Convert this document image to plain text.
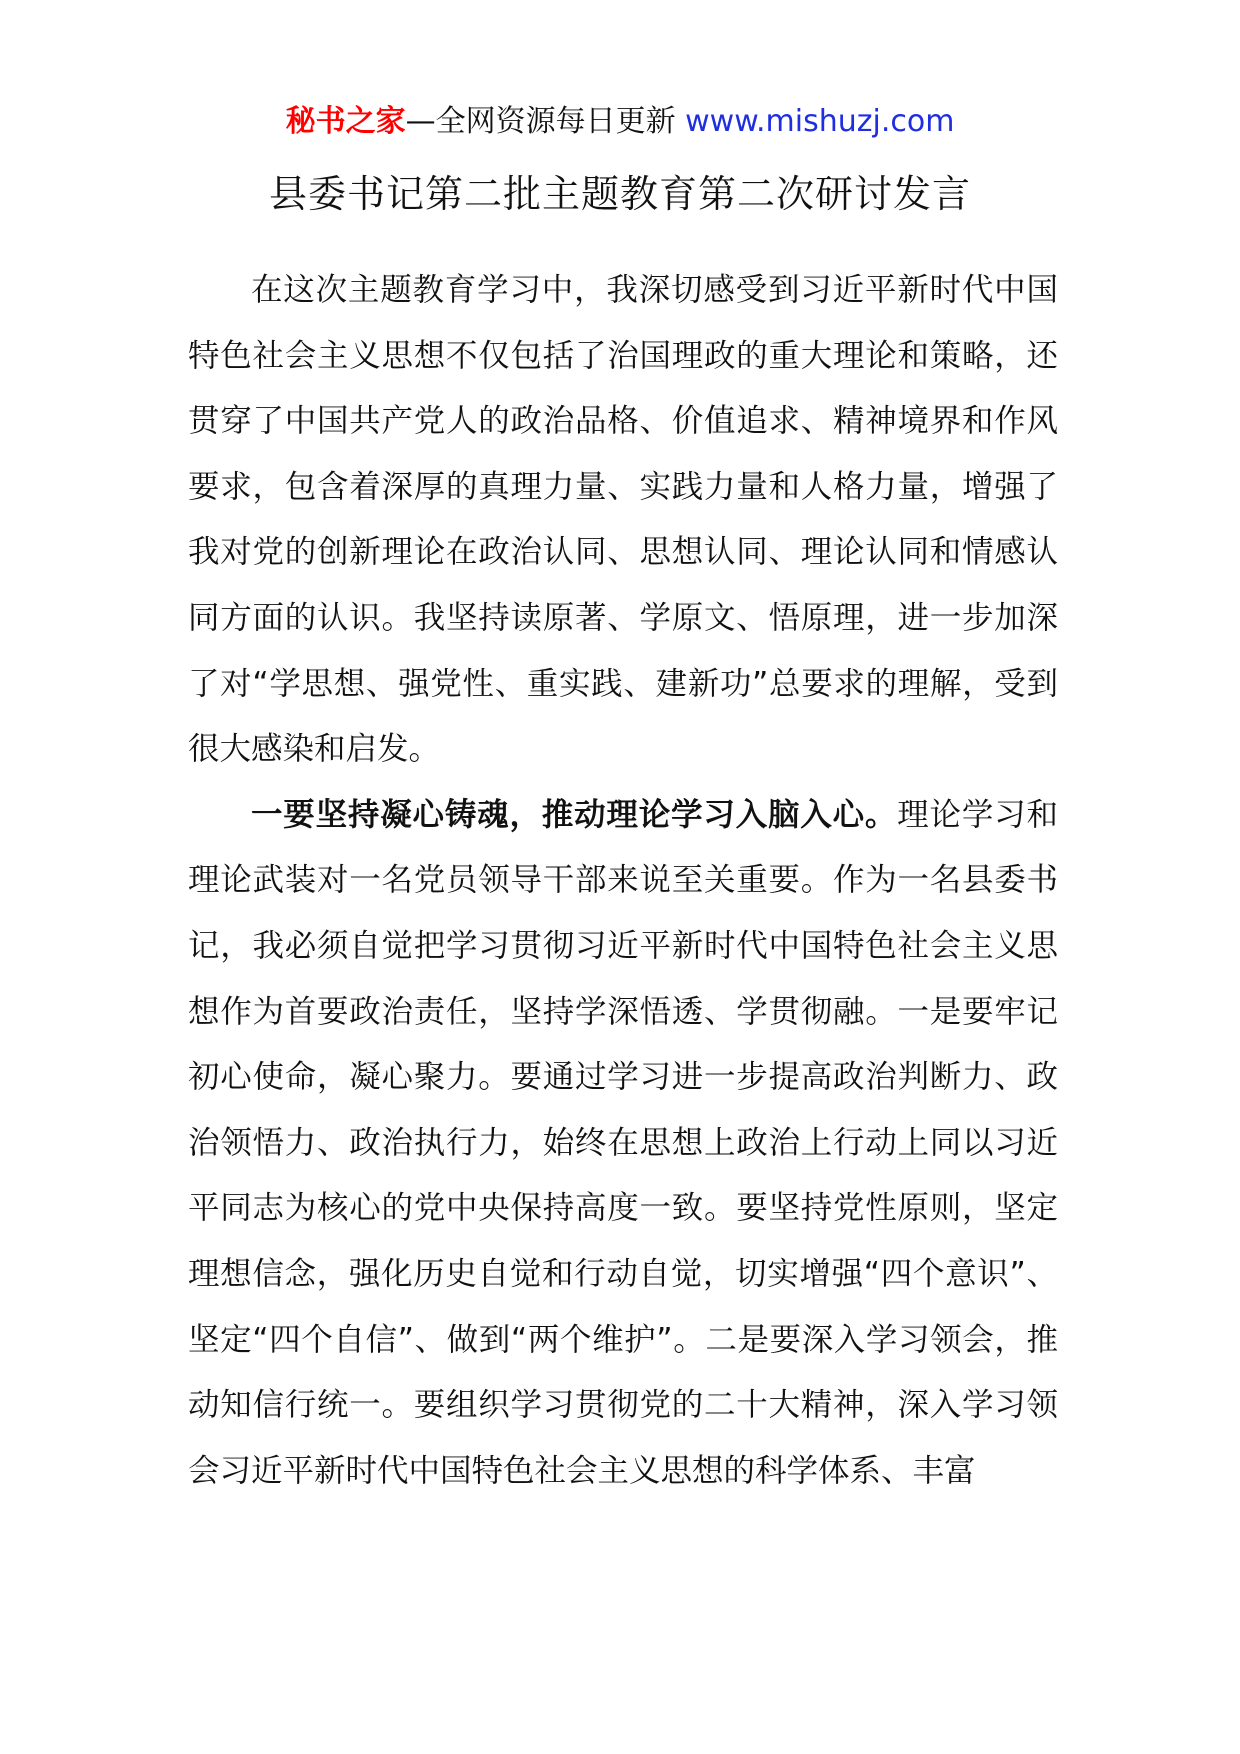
秘书之家—全网资源每日更新 www.mishuzj.com
县委书记第二批主题教育第二次研讨发言

在这次主题教育学习中，我深切感受到习近平新时代中国特色社会主义思想不仅包括了治国理政的重大理论和策略，还贯穿了中国共产党人的政治品格、价值追求、精神境界和作风要求，包含着深厚的真理力量、实践力量和人格力量，增强了我对党的创新理论在政治认同、思想认同、理论认同和情感认同方面的认识。我坚持读原著、学原文、悟原理，进一步加深了对“学思想、强党性、重实践、建新功”总要求的理解，受到很大感染和启发。

一要坚持凝心铸魂，推动理论学习入脑入心。理论学习和理论武装对一名党员领导干部来说至关重要。作为一名县委书记，我必须自觉把学习贯彻习近平新时代中国特色社会主义思想作为首要政治责任，坚持学深悟透、学贯彻融。一是要牢记初心使命，凝心聚力。要通过学习进一步提高政治判断力、政治领悟力、政治执行力，始终在思想上政治上行动上同以习近平同志为核心的党中央保持高度一致。要坚持党性原则，坚定理想信念，强化历史自觉和行动自觉，切实增强“四个意识”、坚定“四个自信”、做到“两个维护”。二是要深入学习领会，推动知信行统一。要组织学习贯彻党的二十大精神，深入学习领会习近平新时代中国特色社会主义思想的科学体系、丰富
